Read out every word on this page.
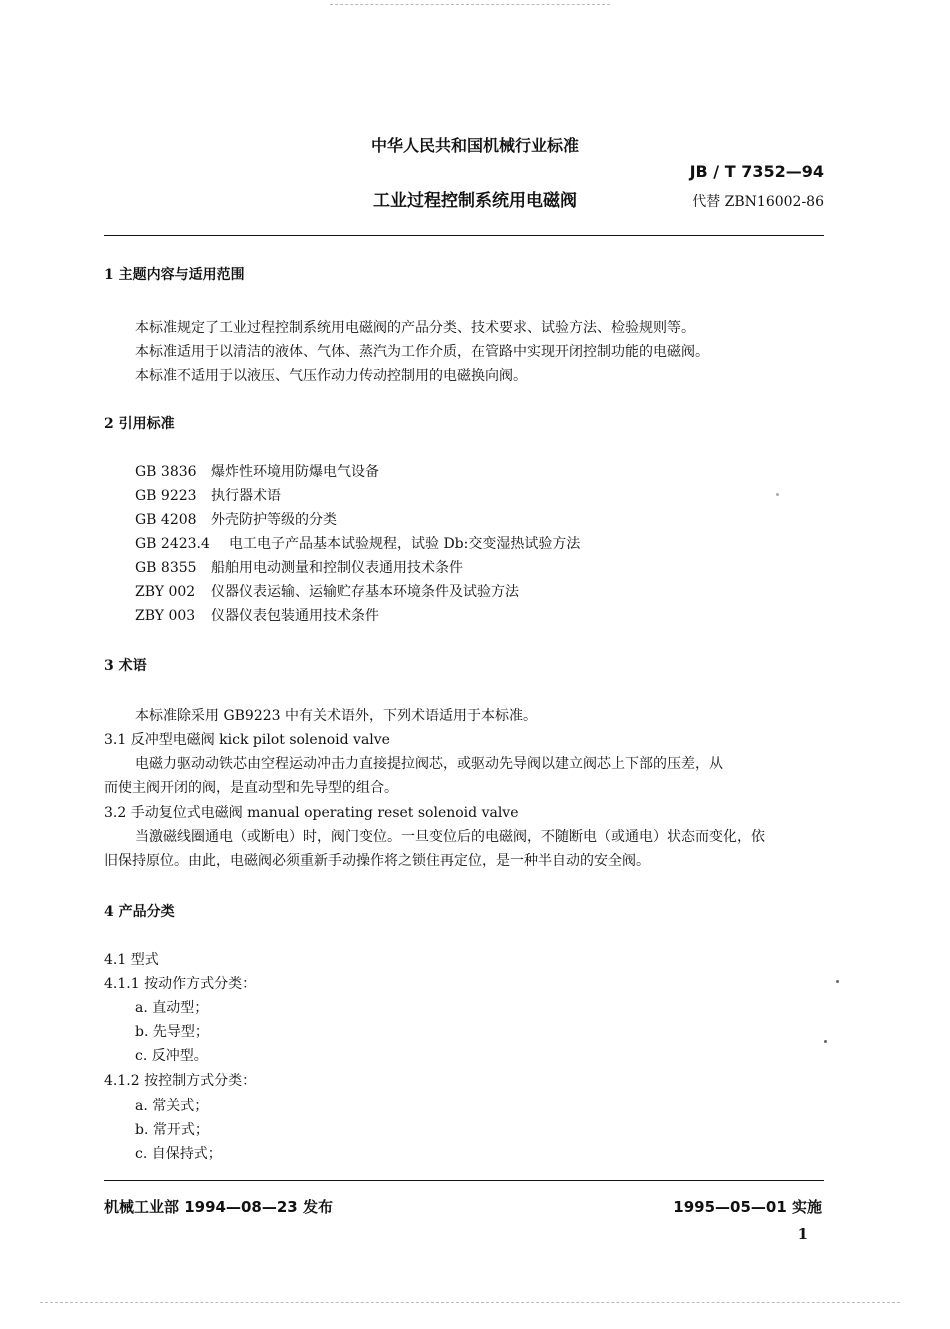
中华人民共和国机械行业标准
JB / T 7352—94
工业过程控制系统用电磁阀	代替 ZBN16002-86
1 主题内容与适用范围
本标准规定了工业过程控制系统用电磁阀的产品分类、技术要求、试验方法、检验规则等。
本标准适用于以清洁的液体、气体、蒸汽为工作介质，在管路中实现开闭控制功能的电磁阀。
本标准不适用于以液压、气压作动力传动控制用的电磁换向阀。
2 引用标准
GB 3836 爆炸性环境用防爆电气设备
GB 9223 执行器术语
GB 4208 外壳防护等级的分类
GB 2423.4 电工电子产品基本试验规程，试验 Db:交变湿热试验方法
GB 8355 船舶用电动测量和控制仪表通用技术条件
ZBY 002 仪器仪表运输、运输贮存基本环境条件及试验方法
ZBY 003 仪器仪表包装通用技术条件
3 术语
本标准除采用 GB9223 中有关术语外，下列术语适用于本标准。
3.1 反冲型电磁阀 kick pilot solenoid valve
电磁力驱动动铁芯由空程运动冲击力直接提拉阀芯，或驱动先导阀以建立阀芯上下部的压差，从
而使主阀开闭的阀，是直动型和先导型的组合。
3.2 手动复位式电磁阀 manual operating reset solenoid valve
当激磁线圈通电（或断电）时，阀门变位。一旦变位后的电磁阀，不随断电（或通电）状态而变化，依
旧保持原位。由此，电磁阀必须重新手动操作将之锁住再定位，是一种半自动的安全阀。
4 产品分类
4.1 型式
4.1.1 按动作方式分类：
a. 直动型；
b. 先导型；
c. 反冲型。
4.1.2 按控制方式分类：
a. 常关式；
b. 常开式；
c. 自保持式；
机械工业部 1994—08—23 发布	1995—05—01 实施
1
